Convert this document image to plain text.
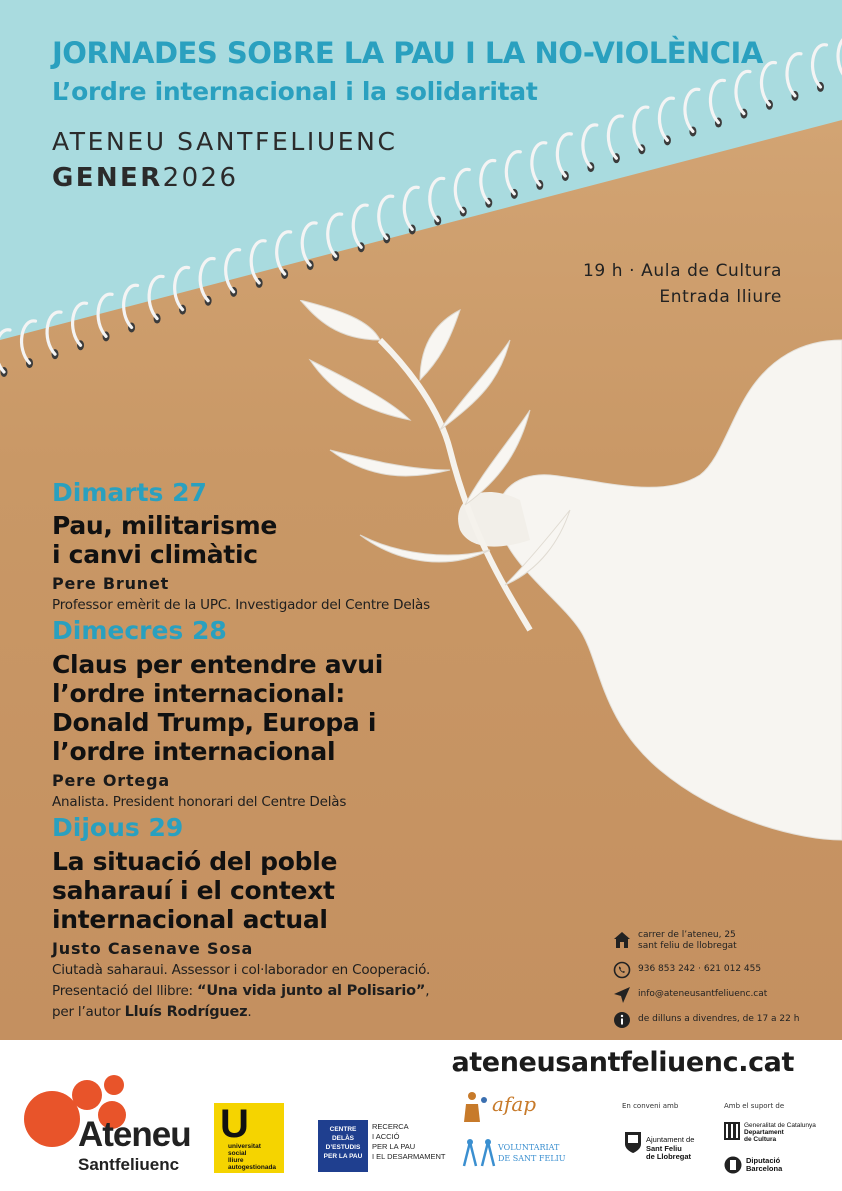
JORNADES SOBRE LA PAU I LA NO-VIOLÈNCIA
L’ordre internacional i la solidaritat
ATENEU SANTFELIUENC
GENER2026
19 h · Aula de Cultura
Entrada lliure
Dimarts 27
Pau, militarisme
i canvi climàtic
Pere Brunet
Professor emèrit de la UPC. Investigador del Centre Delàs
Dimecres 28
Claus per entendre avui
l’ordre internacional:
Donald Trump, Europa i
l’ordre internacional
Pere Ortega
Analista. President honorari del Centre Delàs
Dijous 29
La situació del poble
saharauí i el context
internacional actual
Justo Casenave Sosa
Ciutadà saharaui. Assessor i col·laborador en Cooperació.
Presentació del llibre: “Una vida junto al Polisario”,
per l’autor Lluís Rodríguez.
carrer de l’ateneu, 25
sant feliu de llobregat
936 853 242 · 621 012 455
info@ateneusantfeliuenc.cat
de dilluns a divendres, de 17 a 22 h
ateneusantfeliuenc.cat
Ateneu
Santfeliuenc
U
universitat
social
lliure
autogestionada
CENTRE DELÀS
D’ESTUDIS
PER LA PAU
RECERCA
I ACCIÓ
PER LA PAU
I EL DESARMAMENT
afap
VOLUNTARIAT
DE SANT FELIU
En conveni amb
Ajuntament de
Sant Feliu
de Llobregat
Amb el suport de
Generalitat de Catalunya
Departament
de Cultura
Diputació
Barcelona
